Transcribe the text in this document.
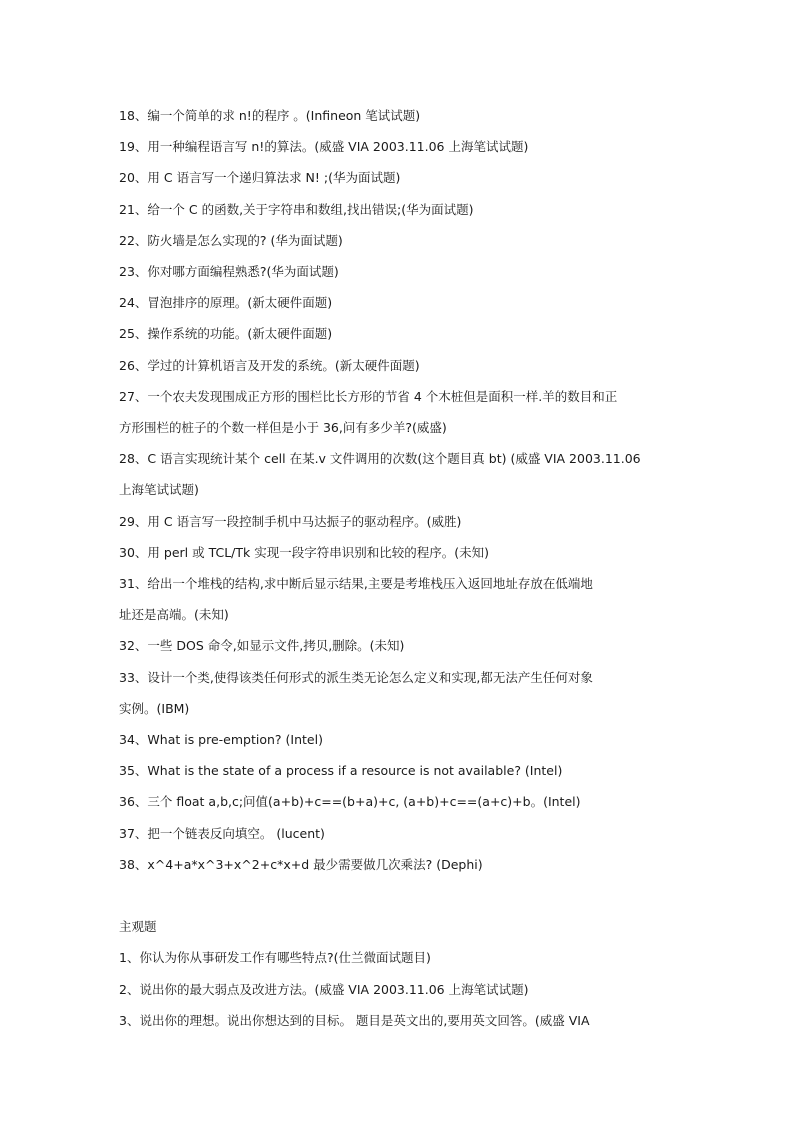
18、编一个简单的求 n!的程序 。(Infineon 笔试试题)
19、用一种编程语言写 n!的算法。(威盛 VIA 2003.11.06 上海笔试试题)
20、用 C 语言写一个递归算法求 N! ;(华为面试题)
21、给一个 C 的函数,关于字符串和数组,找出错误;(华为面试题)
22、防火墙是怎么实现的? (华为面试题)
23、你对哪方面编程熟悉?(华为面试题)
24、冒泡排序的原理。(新太硬件面题)
25、操作系统的功能。(新太硬件面题)
26、学过的计算机语言及开发的系统。(新太硬件面题)
27、一个农夫发现围成正方形的围栏比长方形的节省 4 个木桩但是面积一样.羊的数目和正
方形围栏的桩子的个数一样但是小于 36,问有多少羊?(威盛)
28、C 语言实现统计某个 cell 在某.v 文件调用的次数(这个题目真 bt) (威盛 VIA 2003.11.06
上海笔试试题)
29、用 C 语言写一段控制手机中马达振子的驱动程序。(威胜)
30、用 perl 或 TCL/Tk 实现一段字符串识别和比较的程序。(未知)
31、给出一个堆栈的结构,求中断后显示结果,主要是考堆栈压入返回地址存放在低端地
址还是高端。(未知)
32、一些 DOS 命令,如显示文件,拷贝,删除。(未知)
33、设计一个类,使得该类任何形式的派生类无论怎么定义和实现,都无法产生任何对象
实例。(IBM)
34、What is pre-emption? (Intel)
35、What is the state of a process if a resource is not available? (Intel)
36、三个 float a,b,c;问值(a+b)+c==(b+a)+c, (a+b)+c==(a+c)+b。(Intel)
37、把一个链表反向填空。 (lucent)
38、x^4+a*x^3+x^2+c*x+d 最少需要做几次乘法? (Dephi)
主观题
1、你认为你从事研发工作有哪些特点?(仕兰微面试题目)
2、说出你的最大弱点及改进方法。(威盛 VIA 2003.11.06 上海笔试试题)
3、说出你的理想。说出你想达到的目标。 题目是英文出的,要用英文回答。(威盛 VIA
